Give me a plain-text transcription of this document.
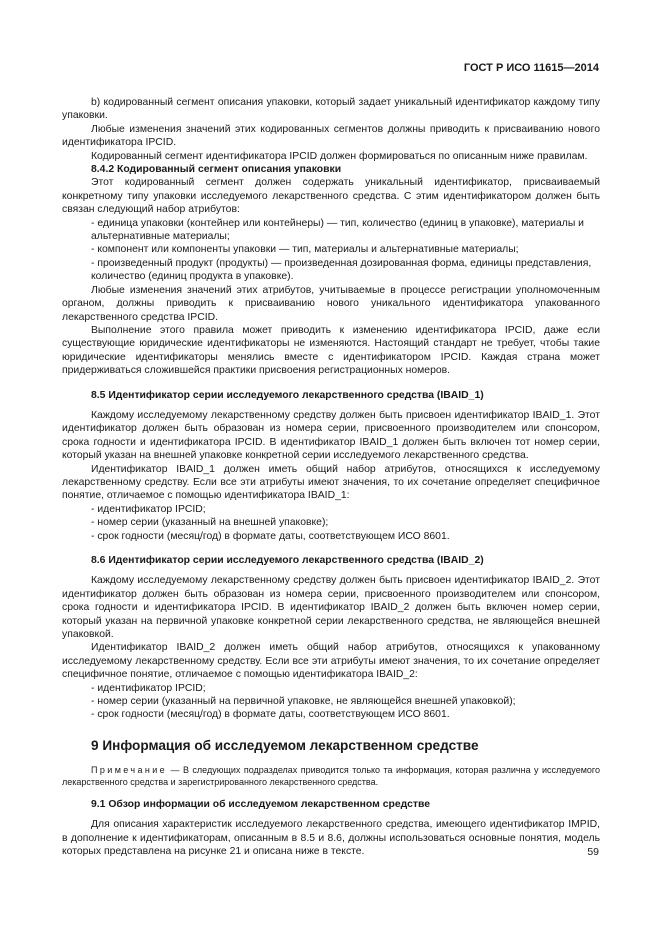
ГОСТ Р ИСО 11615—2014

b) кодированный сегмент описания упаковки, который задает уникальный идентификатор каждому типу упаковки.

Любые изменения значений этих кодированных сегментов должны приводить к присваиванию нового идентификатора IPCID.

Кодированный сегмент идентификатора IPCID должен формироваться по описанным ниже правилам.

8.4.2 Кодированный сегмент описания упаковки

Этот кодированный сегмент должен содержать уникальный идентификатор, присваиваемый конкретному типу упаковки исследуемого лекарственного средства. С этим идентификатором должен быть связан следующий набор атрибутов:

- единица упаковки (контейнер или контейнеры) — тип, количество (единиц в упаковке), материалы и альтернативные материалы;

- компонент или компоненты упаковки — тип, материалы и альтернативные материалы;

- произведенный продукт (продукты) — произведенная дозированная форма, единицы представления, количество (единиц продукта в упаковке).

Любые изменения значений этих атрибутов, учитываемые в процессе регистрации уполномоченным органом, должны приводить к присваиванию нового уникального идентификатора упакованного лекарственного средства IPCID.

Выполнение этого правила может приводить к изменению идентификатора IPCID, даже если существующие юридические идентификаторы не изменяются. Настоящий стандарт не требует, чтобы такие юридические идентификаторы менялись вместе с идентификатором IPCID. Каждая страна может придерживаться сложившейся практики присвоения регистрационных номеров.

8.5 Идентификатор серии исследуемого лекарственного средства (IBAID_1)

Каждому исследуемому лекарственному средству должен быть присвоен идентификатор IBAID_1. Этот идентификатор должен быть образован из номера серии, присвоенного производителем или спонсором, срока годности и идентификатора IPCID. В идентификатор IBAID_1 должен быть включен тот номер серии, который указан на внешней упаковке конкретной серии исследуемого лекарственного средства.

Идентификатор IBAID_1 должен иметь общий набор атрибутов, относящихся к исследуемому лекарственному средству. Если все эти атрибуты имеют значения, то их сочетание определяет специфичное понятие, отличаемое с помощью идентификатора IBAID_1:

- идентификатор IPCID;

- номер серии (указанный на внешней упаковке);

- срок годности (месяц/год) в формате даты, соответствующем ИСО 8601.

8.6 Идентификатор серии исследуемого лекарственного средства (IBAID_2)

Каждому исследуемому лекарственному средству должен быть присвоен идентификатор IBAID_2. Этот идентификатор должен быть образован из номера серии, присвоенного производителем или спонсором, срока годности и идентификатора IPCID. В идентификатор IBAID_2 должен быть включен номер серии, который указан на первичной упаковке конкретной серии лекарственного средства, не являющейся внешней упаковкой.

Идентификатор IBAID_2 должен иметь общий набор атрибутов, относящихся к упакованному исследуемому лекарственному средству. Если все эти атрибуты имеют значения, то их сочетание определяет специфичное понятие, отличаемое с помощью идентификатора IBAID_2:

- идентификатор IPCID;

- номер серии (указанный на первичной упаковке, не являющейся внешней упаковкой);

- срок годности (месяц/год) в формате даты, соответствующем ИСО 8601.

9 Информация об исследуемом лекарственном средстве

Примечание — В следующих подразделах приводится только та информация, которая различна у исследуемого лекарственного средства и зарегистрированного лекарственного средства.

9.1 Обзор информации об исследуемом лекарственном средстве

Для описания характеристик исследуемого лекарственного средства, имеющего идентификатор IMPID, в дополнение к идентификаторам, описанным в 8.5 и 8.6, должны использоваться основные понятия, модель которых представлена на рисунке 21 и описана ниже в тексте.	59
